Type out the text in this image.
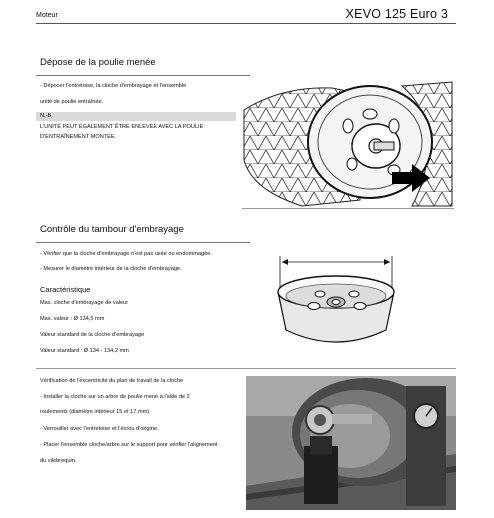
Moteur	XEVO 125 Euro 3
Dépose de la poulie menée
- Déposer l'entretoise, la cloche d'embrayage et l'ensemble
unité de poulie entraînée.
N.-B.
L'UNITÉ PEUT ÉGALEMENT ÊTRE ENLEVÉE AVEC LA POULIE
D'ENTRAÎNEMENT MONTÉE.
Contrôle du tambour d'embrayage
- Vérifier que la cloche d'embrayage n'est pas usée ou endommagée.
- Mesurer le diamètre intérieur de la cloche d'embrayage.
Caractéristique
Max. cloche d'embrayage de valeur
Max. valeur : Ø 134,5 mm
Valeur standard de la cloche d'embrayage
Valeur standard : Ø 134 - 134,2 mm
Vérification de l'excentricité du plan de travail de la cloche
- Installer la cloche sur un arbre de poulie mené à l'aide de 2
roulements (diamètre intérieur 15 et 17 mm).
- Verrouiller avec l'entretoise et l'écrou d'origine.
- Placer l'ensemble cloche/arbre sur le support pour vérifier l'alignement
du vilebrequin.
